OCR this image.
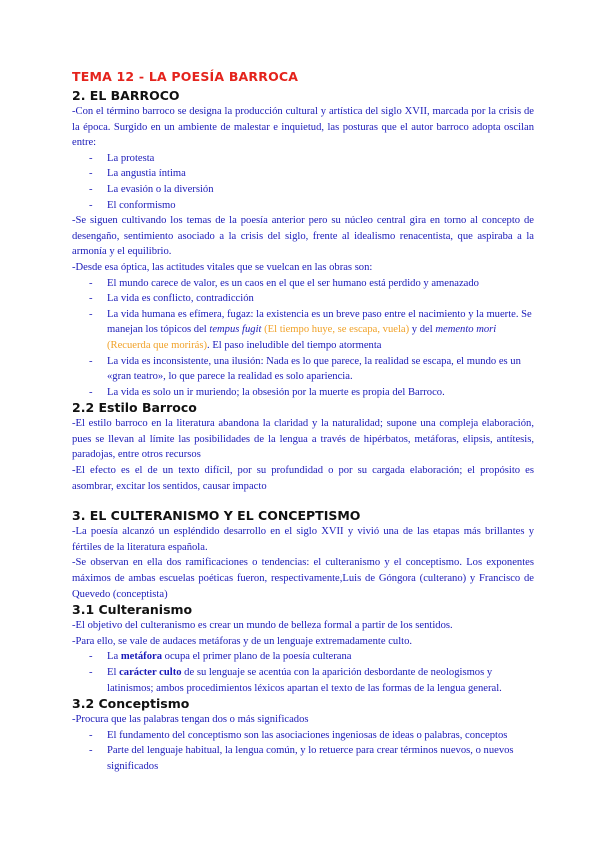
TEMA 12 - LA POESÍA BARROCA
2. EL BARROCO

-Con el término barroco se designa la producción cultural y artística del siglo XVII, marcada por la crisis de la época. Surgido en un ambiente de malestar e inquietud, las posturas que el autor barroco adopta oscilan entre:

- La protesta
- La angustia íntima
- La evasión o la diversión
- El conformismo

-Se siguen cultivando los temas de la poesía anterior pero su núcleo central gira en torno al concepto de desengaño, sentimiento asociado a la crisis del siglo, frente al idealismo renacentista, que aspiraba a la armonía y el equilibrio.

-Desde esa óptica, las actitudes vitales que se vuelcan en las obras son:

- El mundo carece de valor, es un caos en el que el ser humano está perdido y amenazado
- La vida es conflicto, contradicción
- La vida humana es efímera, fugaz: la existencia es un breve paso entre el nacimiento y la muerte. Se manejan los tópicos del tempus fugit (El tiempo huye, se escapa, vuela) y del memento mori (Recuerda que morirás). El paso ineludible del tiempo atormenta
- La vida es inconsistente, una ilusión: Nada es lo que parece, la realidad se escapa, el mundo es un «gran teatro», lo que parece la realidad es solo apariencia.
- La vida es solo un ir muriendo; la obsesión por la muerte es propia del Barroco.
2.2 Estilo Barroco

-El estilo barroco en la literatura abandona la claridad y la naturalidad; supone una compleja elaboración, pues se llevan al límite las posibilidades de la lengua a través de hipérbatos, metáforas, elipsis, antítesis, paradojas, entre otros recursos

-El efecto es el de un texto difícil, por su profundidad o por su cargada elaboración; el propósito es asombrar, excitar los sentidos, causar impacto

3. EL CULTERANISMO Y EL CONCEPTISMO

-La poesía alcanzó un espléndido desarrollo en el siglo XVII y vivió una de las etapas más brillantes y fértiles de la literatura española.

-Se observan en ella dos ramificaciones o tendencias: el culteranismo y el conceptismo. Los exponentes máximos de ambas escuelas poéticas fueron, respectivamente,Luis de Góngora (culterano) y Francisco de Quevedo (conceptista)

3.1 Culteranismo

-El objetivo del culteranismo es crear un mundo de belleza formal a partir de los sentidos.

-Para ello, se vale de audaces metáforas y de un lenguaje extremadamente culto.

- La metáfora ocupa el primer plano de la poesía culterana
- El carácter culto de su lenguaje se acentúa con la aparición desbordante de neologismos y latinismos; ambos procedimientos léxicos apartan el texto de las formas de la lengua general.
3.2 Conceptismo

-Procura que las palabras tengan dos o más significados

- El fundamento del conceptismo son las asociaciones ingeniosas de ideas o palabras, conceptos
- Parte del lenguaje habitual, la lengua común, y lo retuerce para crear términos nuevos, o nuevos significados
